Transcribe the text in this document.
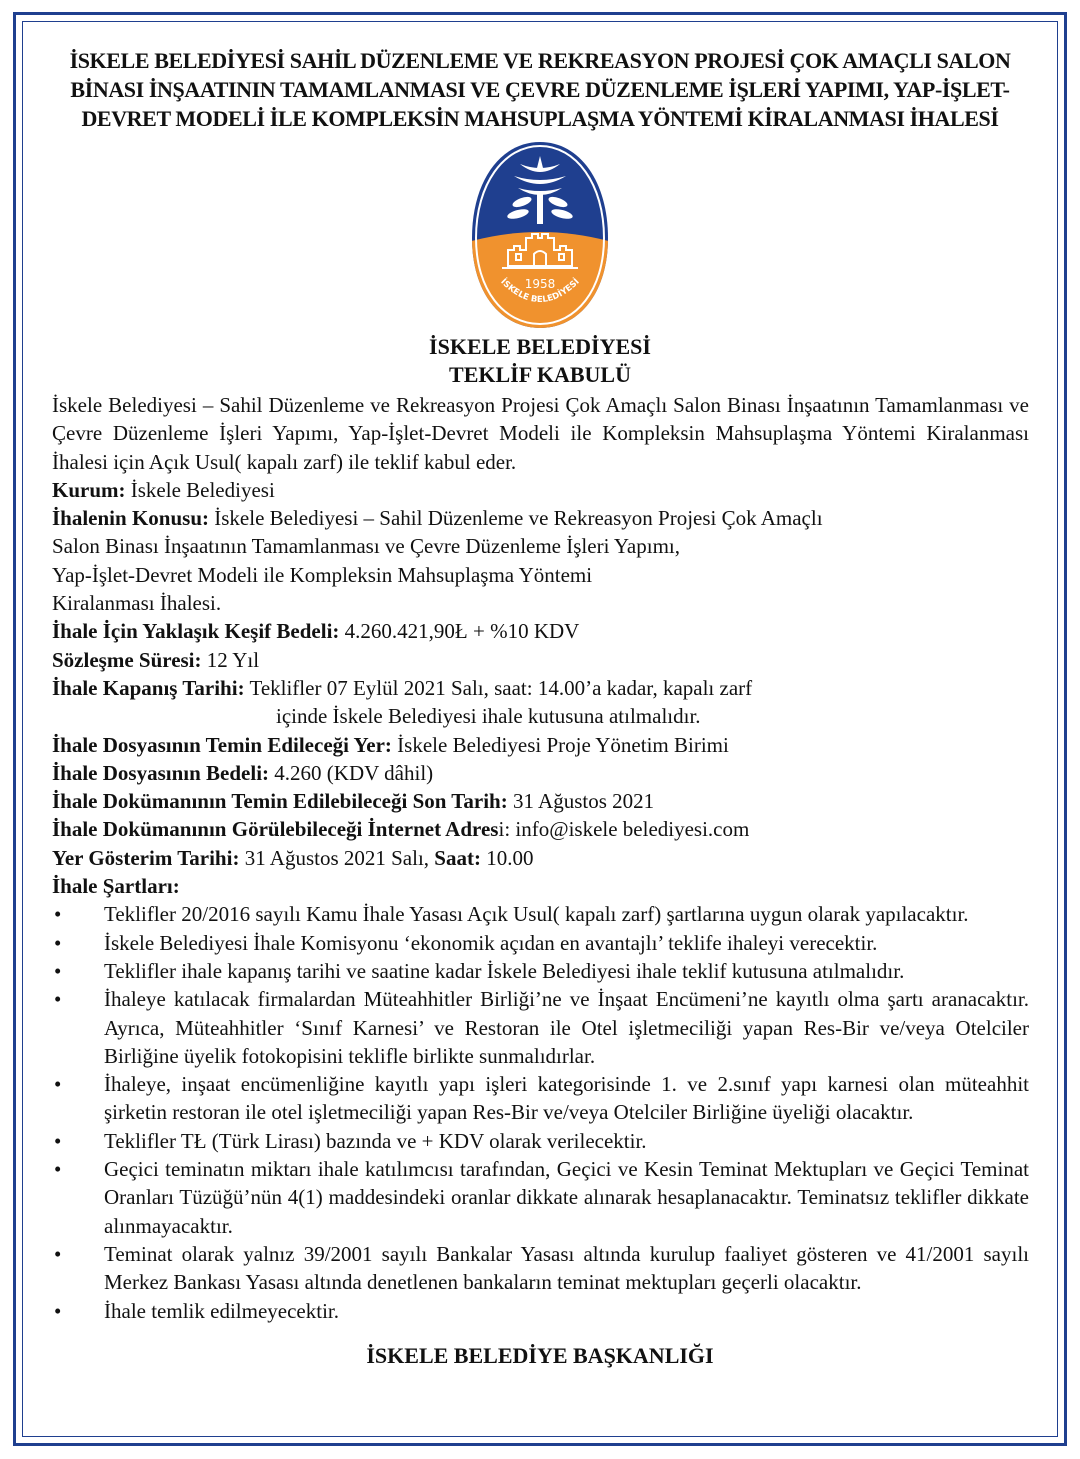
İSKELE BELEDİYESİ SAHİL DÜZENLEME VE REKREASYON PROJESİ ÇOK AMAÇLI SALON BİNASI İNŞAATININ TAMAMLANMASI VE ÇEVRE DÜZENLEME İŞLERİ YAPIMI, YAP-İŞLET-DEVRET MODELİ İLE KOMPLEKSİN MAHSUPLAŞMA YÖNTEMİ KİRALANMASI İHALESİ
1958
İSKELE BELEDİYESİ
İSKELE BELEDİYESİ
TEKLİF KABULÜ
İskele Belediyesi – Sahil Düzenleme ve Rekreasyon Projesi Çok Amaçlı Salon Binası İnşaatının Tamamlanması ve Çevre Düzenleme İşleri Yapımı, Yap-İşlet-Devret Modeli ile Kompleksin Mahsuplaşma Yöntemi Kiralanması İhalesi için Açık Usul( kapalı zarf) ile teklif kabul eder.
Kurum: İskele Belediyesi
İhalenin Konusu: İskele Belediyesi – Sahil Düzenleme ve Rekreasyon Projesi Çok Amaçlı
Salon Binası İnşaatının Tamamlanması ve Çevre Düzenleme İşleri Yapımı,
Yap-İşlet-Devret Modeli ile Kompleksin Mahsuplaşma Yöntemi
Kiralanması İhalesi.
İhale İçin Yaklaşık Keşif Bedeli: 4.260.421,90Ł + %10 KDV
Sözleşme Süresi: 12 Yıl
İhale Kapanış Tarihi: Teklifler 07 Eylül 2021 Salı, saat: 14.00’a kadar, kapalı zarf
içinde İskele Belediyesi ihale kutusuna atılmalıdır.
İhale Dosyasının Temin Edileceği Yer: İskele Belediyesi Proje Yönetim Birimi
İhale Dosyasının Bedeli: 4.260 (KDV dâhil)
İhale Dokümanının Temin Edilebileceği Son Tarih: 31 Ağustos 2021
İhale Dokümanının Görülebileceği İnternet Adresi: info@iskele belediyesi.com
Yer Gösterim Tarihi: 31 Ağustos 2021 Salı, Saat: 10.00
İhale Şartları:
• Teklifler 20/2016 sayılı Kamu İhale Yasası Açık Usul( kapalı zarf) şartlarına uygun olarak yapılacaktır.
• İskele Belediyesi İhale Komisyonu ‘ekonomik açıdan en avantajlı’ teklife ihaleyi verecektir.
• Teklifler ihale kapanış tarihi ve saatine kadar İskele Belediyesi ihale teklif kutusuna atılmalıdır.
• İhaleye katılacak firmalardan Müteahhitler Birliği’ne ve İnşaat Encümeni’ne kayıtlı olma şartı aranacaktır. Ayrıca, Müteahhitler ‘Sınıf Karnesi’ ve Restoran ile Otel işletmeciliği yapan Res-Bir ve/veya Otelciler Birliğine üyelik fotokopisini teklifle birlikte sunmalıdırlar.
• İhaleye, inşaat encümenliğine kayıtlı yapı işleri kategorisinde 1. ve 2.sınıf yapı karnesi olan müteahhit şirketin restoran ile otel işletmeciliği yapan Res-Bir ve/veya Otelciler Birliğine üyeliği olacaktır.
• Teklifler TŁ (Türk Lirası) bazında ve + KDV olarak verilecektir.
• Geçici teminatın miktarı ihale katılımcısı tarafından, Geçici ve Kesin Teminat Mektupları ve Geçici Teminat Oranları Tüzüğü’nün 4(1) maddesindeki oranlar dikkate alınarak hesaplanacaktır. Teminatsız teklifler dikkate alınmayacaktır.
• Teminat olarak yalnız 39/2001 sayılı Bankalar Yasası altında kurulup faaliyet gösteren ve 41/2001 sayılı Merkez Bankası Yasası altında denetlenen bankaların teminat mektupları geçerli olacaktır.
• İhale temlik edilmeyecektir.
İSKELE BELEDİYE BAŞKANLIĞI
